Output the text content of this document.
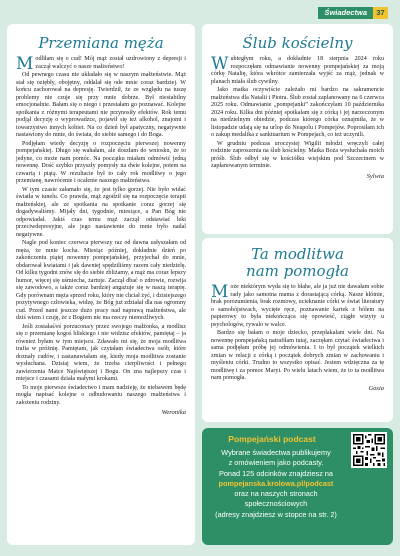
Świadectwa	37
Przemiana męża

Modliłam się o cud! Mój mąż został uzdrowiony z depresji i zaczął walczyć o nasze małżeństwo!

Od pewnego czasu nie układało się w naszym małżeństwie. Mąż stał się oziębły, obojętny, oddalał się ode mnie coraz bardziej. W końcu zachorował na depresję. Twierdził, że ze względu na tuszę problemy nie czuje się przy mnie dobrze. Był niestabilny emocjonalnie. Bałam się o niego i przestałam go poznawać. Kolejne spotkania z różnymi terapeutami nie przynosiły efektów. Rok temu podjął decyzję o wyprowadzce, pojawił się też alkohol, znajomi i towarzystwo innych kobiet. Na co dzień był apatyczny, negatywnie nastawiony do mnie, do świata, do siebie samego i do Boga.

Podjęłam wtedy decyzję o rozpoczęciu pierwszej nowenny pompejańskiej. Długo się wahałam, ale doszłam do wniosku, że to jedyne, co może nam pomóc. Na początku miałam odmówić jedną nowennę. Dość szybko przyszły pomysły na dwie kolejne, potem na czwartą i piątą. W rezultacie był to cały rok modlitwy o jego przemianę, nawrócenie i ocalenie naszego małżeństwa.

W tym czasie załamało się, że jest tylko gorzej. Nie było widać światła w tunelu. Co prawda, mąż zgodził się na rozpoczęcie terapii małżeńskiej, ale ze spotkania na spotkanie coraz gorzej się dogadywaliśmy. Mijały dni, tygodnie, miesiące, a Pan Bóg nie odpowiadał. Jakiś czas temu mąż zaczął odstawiać leki przeciwdepresyjne, ale jego nastawienie do mnie było nadal negatywne.

Nagle pod koniec czerwca pierwszy raz od dawna usłyszałam od męża, że mnie kocha. Miesiąc później, dokładnie dzień po zakończeniu piątej nowenny pompejańskiej, przyjechał do mnie, obdarował kwiatami i jak dawniej spędziliśmy razem cały niedzielę. Od kilku tygodni znów się do siebie zbliżamy, a mąż ma coraz lepszy humor, więcej się uśmiecha, żartuje. Zaczął dbać o zdrowie, rozwija się zawodowo, a także coraz bardziej angażuje się w naszą terapię. Gdy porównam męża sprzed roku, który nie chciał żyć, i dzisiejszego pozytywnego człowieka, widzę, że Bóg już zdziałał dla nas ogromny cud. Przed nami jeszcze dużo pracy nad naprawą małżeństwa, ale dziś wiem i czuję, że z Bogiem nie ma rzeczy niemożliwych.

Jeśli zostałaś/eś porzucona/y przez swojego małżonka, a modlisz się o przemianę kogoś bliskiego i nie widzisz efektów, pamiętaj – ja również byłam w tym miejscu. Zdawało mi się, że moja modlitwa trafia w próżnię. Pamiętam, jak czytałam świadectwa osób, które doznały cudów, i zastanawiałam się, kiedy moja modlitwa zostanie wysłuchana. Dzisiaj wiem, że trzeba cierpliwości i pełnego zawierzenia Matce Najświętszej i Bogu. On zna najlepszy czas i miejsce i czasami działa małymi krokami.

To moje pierwsze świadectwo i mam nadzieję, że niebawem będę mogła napisać kolejne o odbudowaniu naszego małżeństwa i założeniu rodziny.

Weronika
Ślub kościelny

Wubiegłym roku, a dokładnie 18 sierpnia 2024 roku rozpoczęłam odmawianie nowenny pompejańskiej za moją córkę Natalię, która wkrótce zamierzała wyjść za mąż, jednak w planach miała ślub cywilny.

Jako matka oczywiście zależało mi bardzo na sakramencie małżeństwa dla Natalii i Piotra. Ślub został zaplanowany na 6 czerwca 2025 roku. Odmawianie „pompejanki” zakończyłam 10 października 2024 roku. Kilka dni później spotkałam się z córką i jej narzeczonym na niedzielnym obiedzie, podczas którego córka oznajmiła, że w listopadzie udają się na urlop do Neapolu i Pompejów. Poprosiłam ich o zakup medalika z sanktuarium w Pompejach, co też uczynili.

W grudniu podczas uroczystej Wigilii młodzi wręczyli całej rodzinie zaproszenia na ślub kościelny. Matka Boża wysłuchała moich próśb. Ślub odbył się w kościółku wiejskim pod Szczecinem w zapłanowanym terminie.

Sylwia
Ta modlitwa
nam pomogła

Może niektórym wyda się to błahe, ale ja już nie dawałam sobie rady jako samotna mama z dorastającą córką. Nasze kłótnie, brak porozumienia, brak rozmowy, ucieknanie córki w świat literatury o samobójstwach, wycięte ręce, poznawanie kartek z bólem na papierowy to była niekończąca się opowieść, ciągłe wizyty u psychologów, rywalo w walce.

Bardzo się bałam o moje dziecko, przepłakałam wiele dni. Na nowennę pompejańską natrafiłam tutaj, zaczęłam czytać świadectwa i sama podjęłam próbę jej odmówienia. I to był początek wielkich zmian w relacji z córką i początek dobrych zmian w zachowaniu i myśleniu córki. Trudno to wszystko opisać. Jestem wdzięczna za tę modlitwę i za pomoc Maryi. Po wielu latach wiem, że to ta modlitwa nam pomogła.

Gosia
Pompejański podcast
Wybrane świadectwa publikujemy
z omówieniem jako podcasty.
Ponad 125 odcinków znajdziesz na
pompejanska.krolowa.pl/podcast
oraz na naszych stronach
społecznościowych
(adresy znajdziesz w stopce na str. 2)
